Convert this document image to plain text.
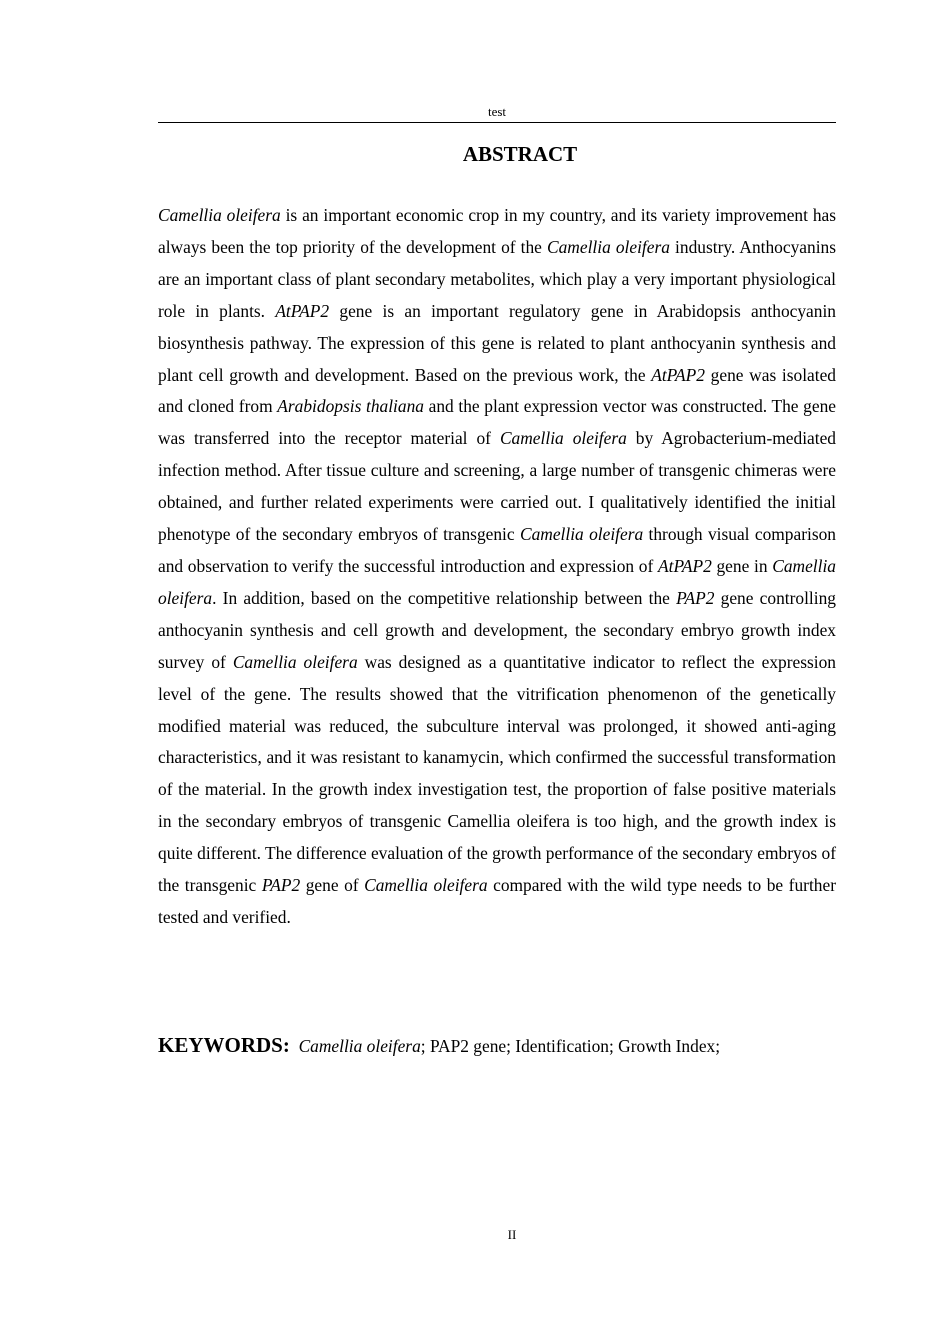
test
ABSTRACT

Camellia oleifera is an important economic crop in my country, and its variety improvement has always been the top priority of the development of the Camellia oleifera industry. Anthocyanins are an important class of plant secondary metabolites, which play a very important physiological role in plants. AtPAP2 gene is an important regulatory gene in Arabidopsis anthocyanin biosynthesis pathway. The expression of this gene is related to plant anthocyanin synthesis and plant cell growth and development. Based on the previous work, the AtPAP2 gene was isolated and cloned from Arabidopsis thaliana and the plant expression vector was constructed. The gene was transferred into the receptor material of Camellia oleifera by Agrobacterium-mediated infection method. After tissue culture and screening, a large number of transgenic chimeras were obtained, and further related experiments were carried out. I qualitatively identified the initial phenotype of the secondary embryos of transgenic Camellia oleifera through visual comparison and observation to verify the successful introduction and expression of AtPAP2 gene in Camellia oleifera. In addition, based on the competitive relationship between the PAP2 gene controlling anthocyanin synthesis and cell growth and development, the secondary embryo growth index survey of Camellia oleifera was designed as a quantitative indicator to reflect the expression level of the gene. The results showed that the vitrification phenomenon of the genetically modified material was reduced, the subculture interval was prolonged, it showed anti-aging characteristics, and it was resistant to kanamycin, which confirmed the successful transformation of the material. In the growth index investigation test, the proportion of false positive materials in the secondary embryos of transgenic Camellia oleifera is too high, and the growth index is quite different. The difference evaluation of the growth performance of the secondary embryos of the transgenic PAP2 gene of Camellia oleifera compared with the wild type needs to be further tested and verified.

KEYWORDS: Camellia oleifera; PAP2 gene; Identification; Growth Index;

II
